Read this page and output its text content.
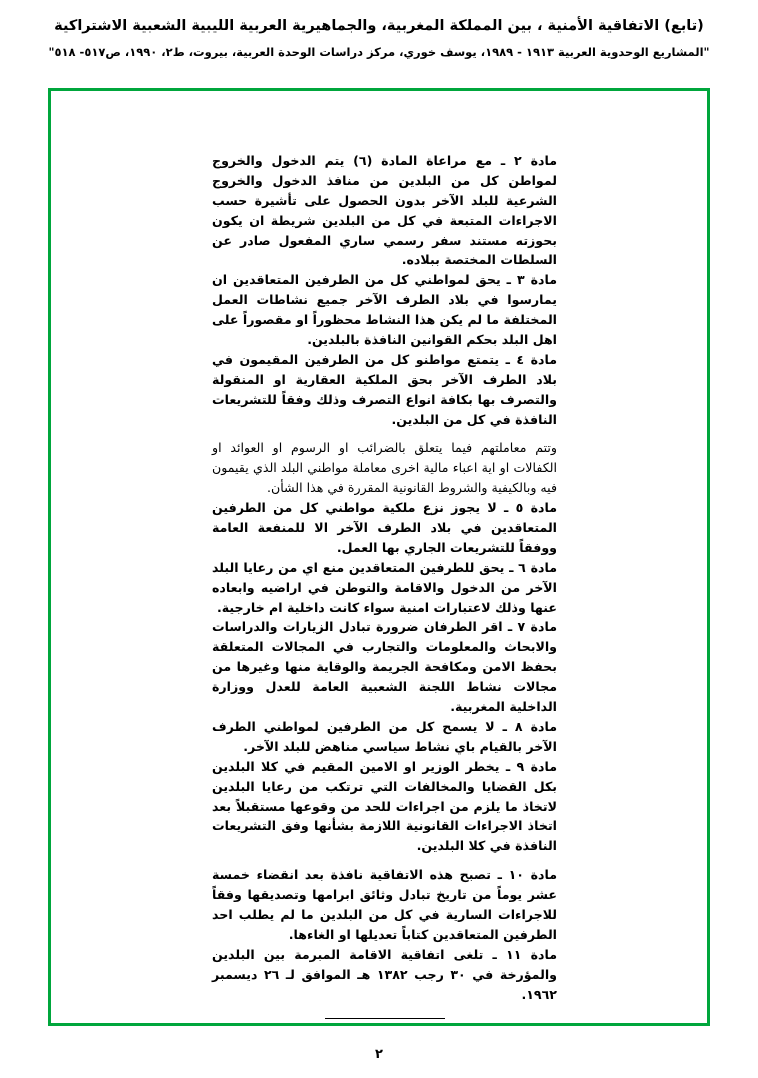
(تابع) الاتفاقية الأمنية ، بين المملكة المغربية، والجماهيرية العربية الليبية الشعبية الاشتراكية
"المشاريع الوحدوية العربية ١٩١٣ - ١٩٨٩، يوسف خوري، مركز دراسات الوحدة العربية، بيروت، ط٢، ١٩٩٠، ص٥١٧- ٥١٨"

مادة ٢ ـ مع مراعاة المادة (٦) يتم الدخول والخروج لمواطن كل من البلدين من منافذ الدخول والخروج الشرعية للبلد الآخر بدون الحصول على تأشيرة حسب الاجراءات المتبعة في كل من البلدين شريطة ان يكون بحوزته مستند سفر رسمي ساري المفعول صادر عن السلطات المختصة ببلاده.

مادة ٣ ـ يحق لمواطني كل من الطرفين المتعاقدين ان يمارسوا في بلاد الطرف الآخر جميع نشاطات العمل المختلفة ما لم يكن هذا النشاط محظوراً او مقصوراً على اهل البلد بحكم القوانين النافذة بالبلدين.

مادة ٤ ـ يتمتع مواطنو كل من الطرفين المقيمون في بلاد الطرف الآخر بحق الملكية العقارية او المنقولة والتصرف بها بكافة انواع التصرف وذلك وفقاً للتشريعات النافذة في كل من البلدين.

وتتم معاملتهم فيما يتعلق بالضرائب او الرسوم او العوائد او الكفالات او اية اعباء مالية اخرى معاملة مواطني البلد الذي يقيمون فيه وبالكيفية والشروط القانونية المقررة في هذا الشأن.

مادة ٥ ـ لا يجوز نزع ملكية مواطني كل من الطرفين المتعاقدين في بلاد الطرف الآخر الا للمنفعة العامة ووفقاً للتشريعات الجاري بها العمل.

مادة ٦ ـ يحق للطرفين المتعاقدين منع اي من رعايا البلد الآخر من الدخول والاقامة والتوطن في اراضيه وابعاده عنها وذلك لاعتبارات امنية سواء كانت داخلية ام خارجية.

مادة ٧ ـ اقر الطرفان ضرورة تبادل الزيارات والدراسات والابحاث والمعلومات والتجارب في المجالات المتعلقة بحفظ الامن ومكافحة الجريمة والوقاية منها وغيرها من مجالات نشاط اللجنة الشعبية العامة للعدل ووزارة الداخلية المغربية.

مادة ٨ ـ لا يسمح كل من الطرفين لمواطني الطرف الآخر بالقيام باي نشاط سياسي مناهض للبلد الآخر.

مادة ٩ ـ يخطر الوزير او الامين المقيم في كلا البلدين بكل القضايا والمخالفات التي ترتكب من رعايا البلدين لاتخاذ ما يلزم من اجراءات للحد من وقوعها مستقبلاً بعد اتخاذ الاجراءات القانونية اللازمة بشأنها وفق التشريعات النافذة في كلا البلدين.

مادة ١٠ ـ تصبح هذه الاتفاقية نافذة بعد انقضاء خمسة عشر يوماً من تاريخ تبادل وثائق ابرامها وتصديقها وفقاً للاجراءات السارية في كل من البلدين ما لم يطلب احد الطرفين المتعاقدين كتاباً تعديلها او الغاءها.

مادة ١١ ـ تلغى اتفاقية الاقامة المبرمة بين البلدين والمؤرخة في ٣٠ رجب ١٣٨٢ هـ الموافق لـ ٢٦ ديسمبر ١٩٦٢.

٢
